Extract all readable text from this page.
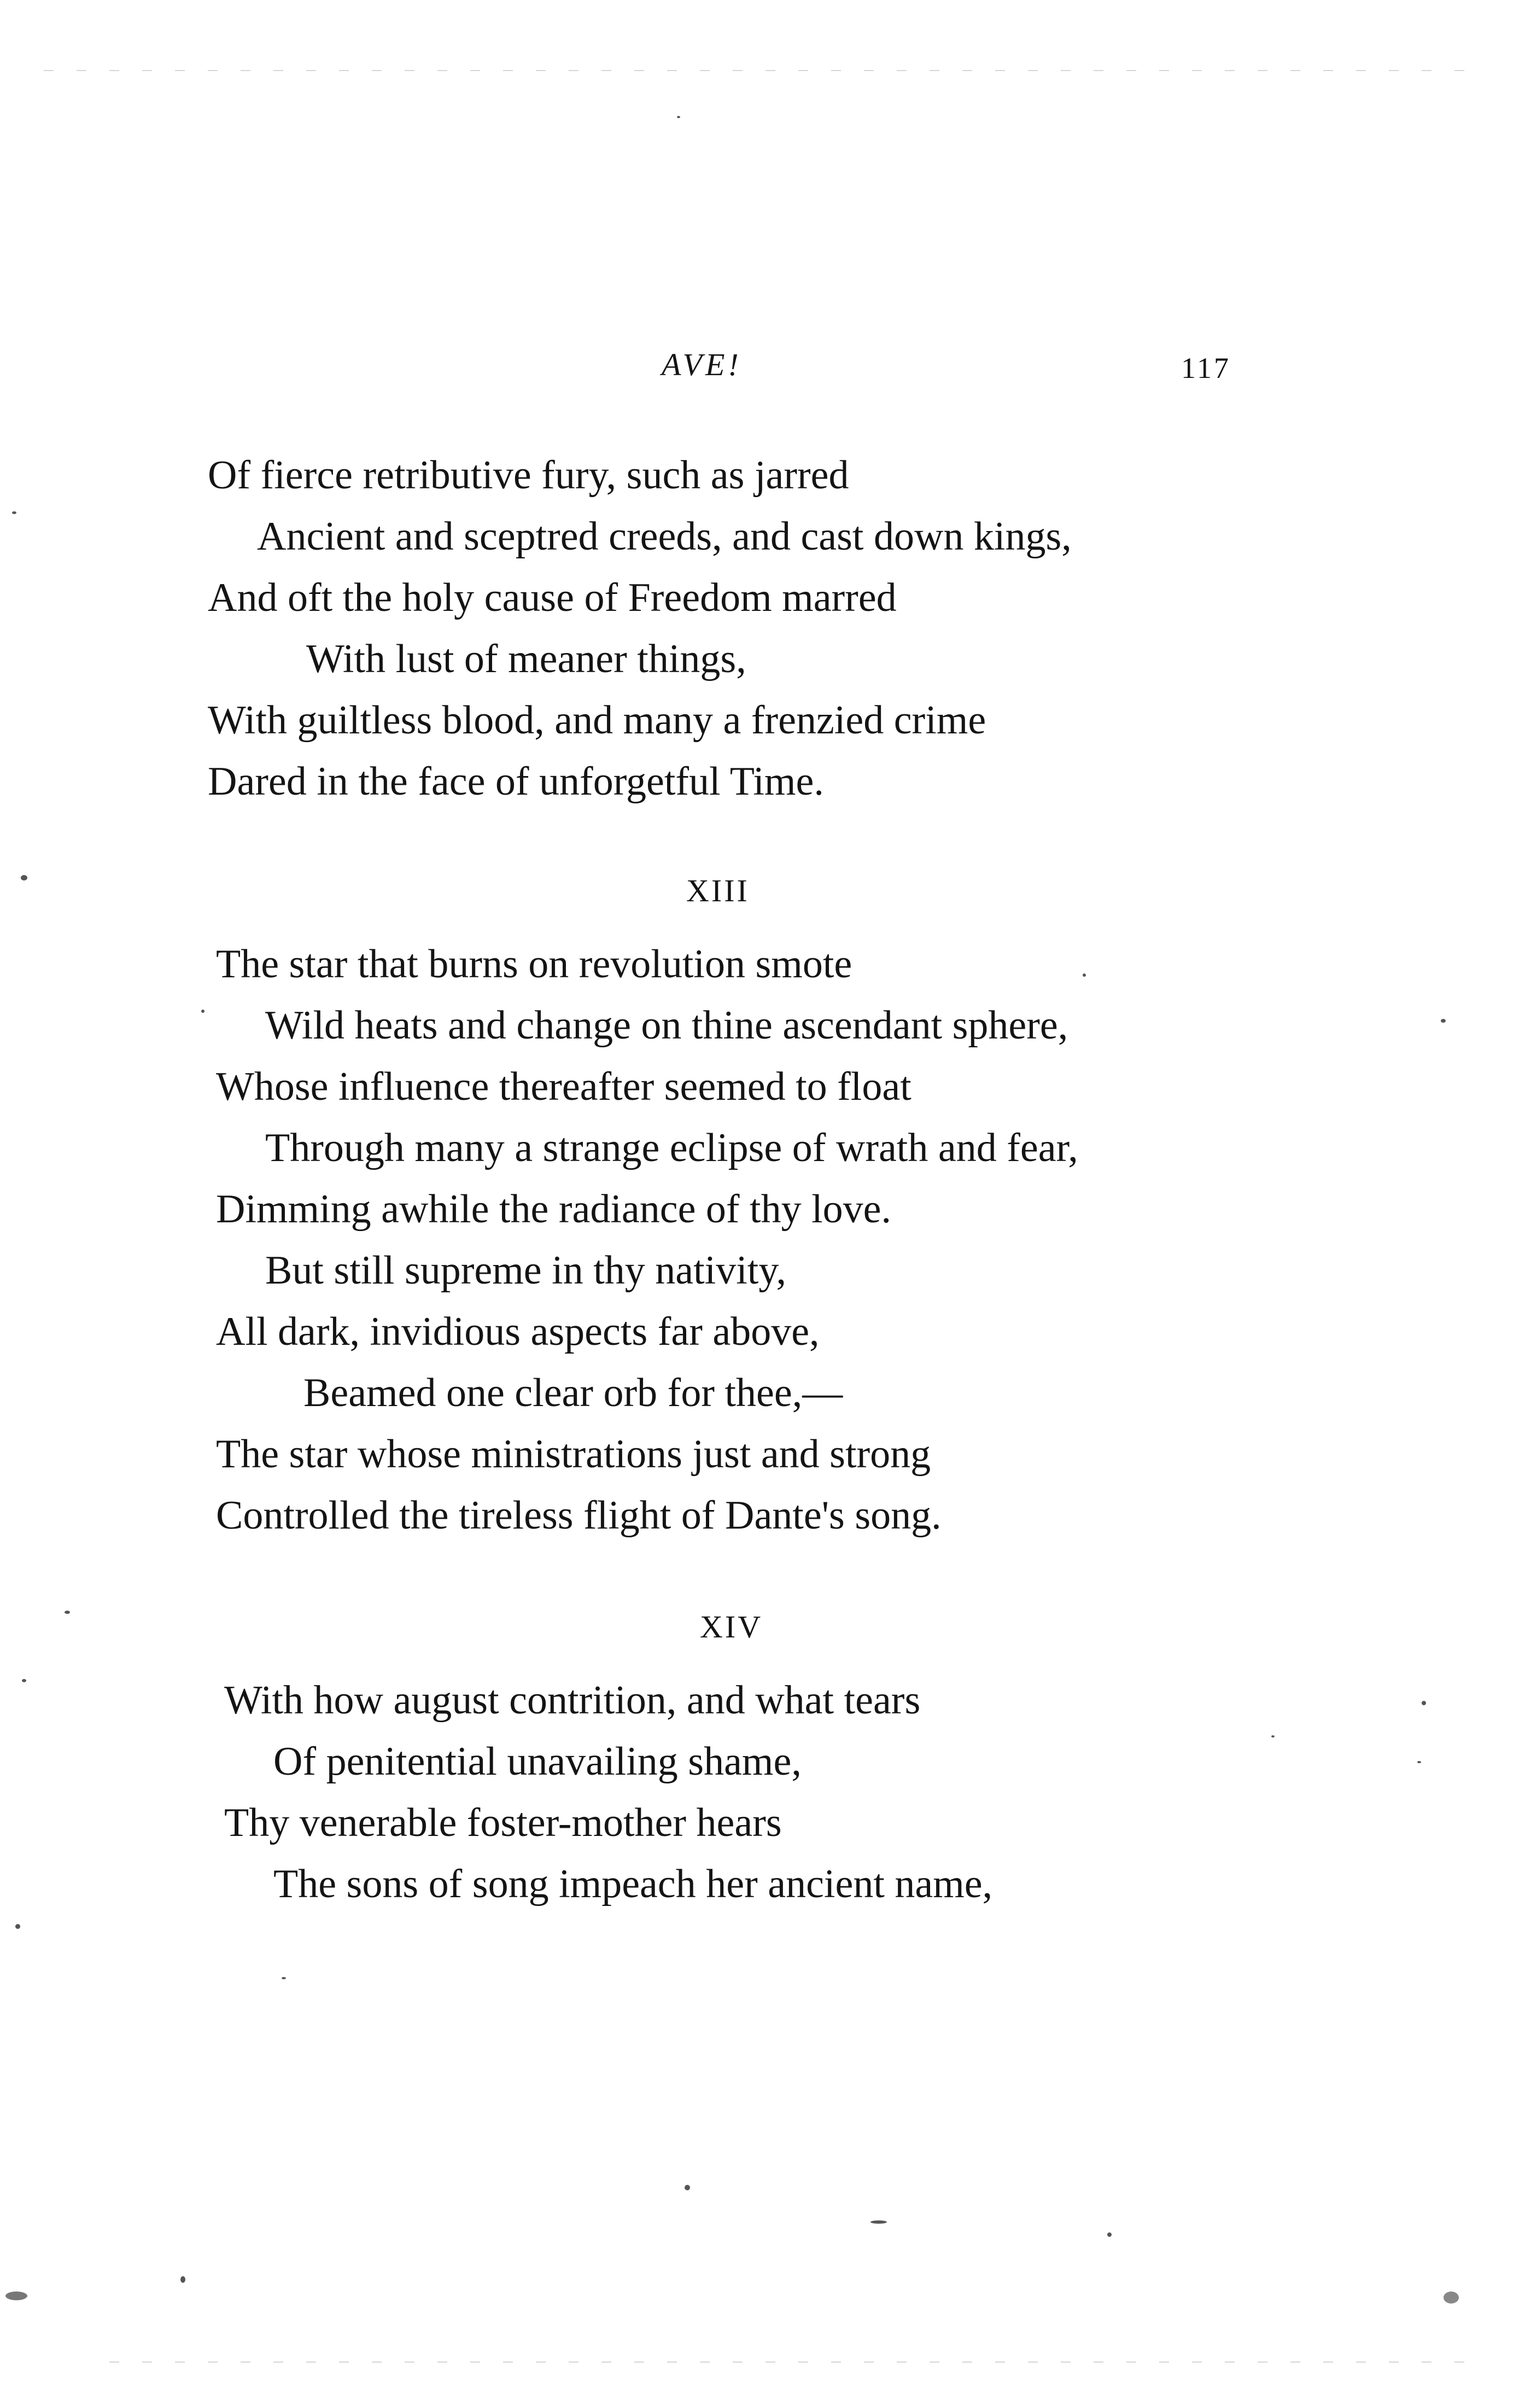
AVE!	117
Of fierce retributive fury, such as jarred
Ancient and sceptred creeds, and cast down kings,
And oft the holy cause of Freedom marred
With lust of meaner things,
With guiltless blood, and many a frenzied crime
Dared in the face of unforgetful Time.
XIII
The star that burns on revolution smote
Wild heats and change on thine ascendant sphere,
Whose influence thereafter seemed to float
Through many a strange eclipse of wrath and fear,
Dimming awhile the radiance of thy love.
But still supreme in thy nativity,
All dark, invidious aspects far above,
Beamed one clear orb for thee,—
The star whose ministrations just and strong
Controlled the tireless flight of Dante's song.
XIV
With how august contrition, and what tears
Of penitential unavailing shame,
Thy venerable foster-mother hears
The sons of song impeach her ancient name,
